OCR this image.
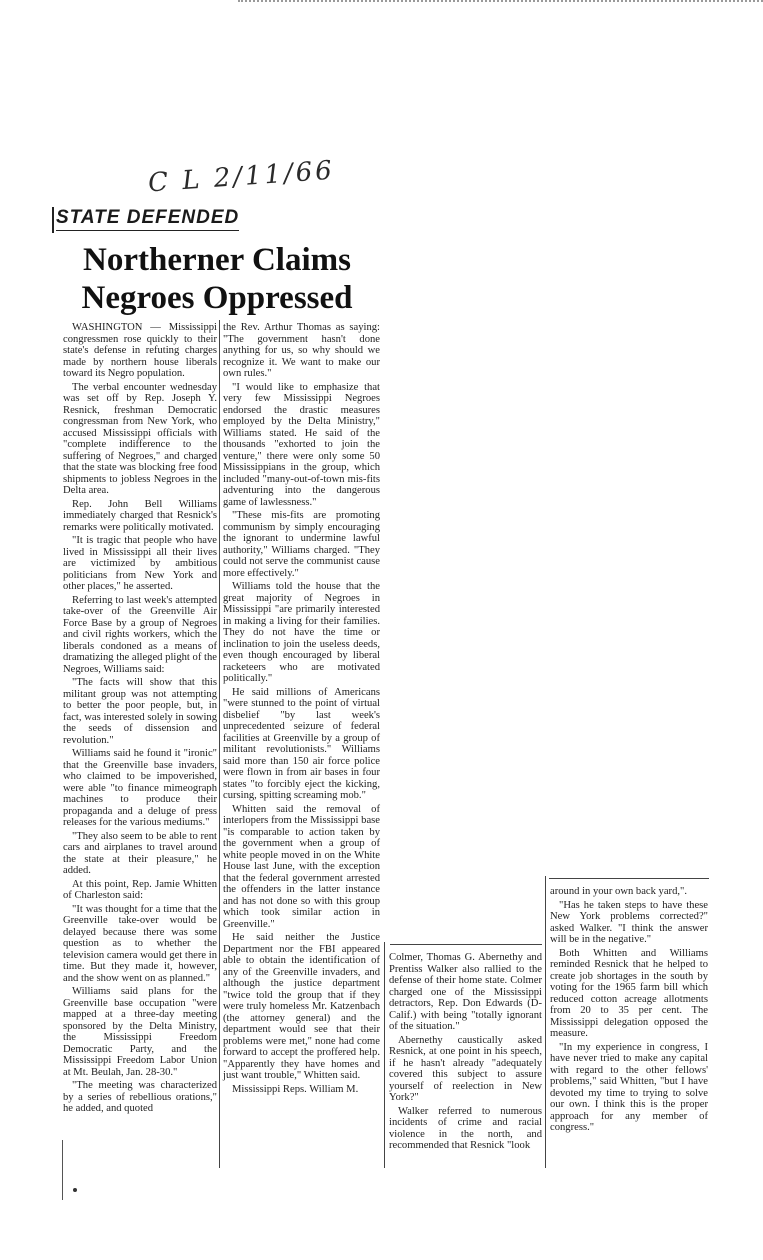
C L 2/11/66
STATE DEFENDED
Northerner Claims
Negroes Oppressed

WASHINGTON — Mississippi congressmen rose quickly to their state's defense in refuting charges made by northern house liberals toward its Negro population.

The verbal encounter wednesday was set off by Rep. Joseph Y. Resnick, freshman Democratic congressman from New York, who accused Mississippi officials with "complete indifference to the suffering of Negroes," and charged that the state was blocking free food shipments to jobless Negroes in the Delta area.

Rep. John Bell Williams immediately charged that Resnick's remarks were politically motivated.

"It is tragic that people who have lived in Mississippi all their lives are victimized by ambitious politicians from New York and other places," he asserted.

Referring to last week's attempted take-over of the Greenville Air Force Base by a group of Negroes and civil rights workers, which the liberals condoned as a means of dramatizing the alleged plight of the Negroes, Williams said:

"The facts will show that this militant group was not attempting to better the poor people, but, in fact, was interested solely in sowing the seeds of dissension and revolution."

Williams said he found it "ironic" that the Greenville base invaders, who claimed to be impoverished, were able "to finance mimeograph machines to produce their propaganda and a deluge of press releases for the various mediums."

"They also seem to be able to rent cars and airplanes to travel around the state at their pleasure," he added.

At this point, Rep. Jamie Whitten of Charleston said:

"It was thought for a time that the Greenville take-over would be delayed because there was some question as to whether the television camera would get there in time. But they made it, however, and the show went on as planned."

Williams said plans for the Greenville base occupation "were mapped at a three-day meeting sponsored by the Delta Ministry, the Mississippi Freedom Democratic Party, and the Mississippi Freedom Labor Union at Mt. Beulah, Jan. 28-30."

"The meeting was characterized by a series of rebellious orations," he added, and quoted

the Rev. Arthur Thomas as saying: "The government hasn't done anything for us, so why should we recognize it. We want to make our own rules."

"I would like to emphasize that very few Mississippi Negroes endorsed the drastic measures employed by the Delta Ministry," Williams stated. He said of the thousands "exhorted to join the venture," there were only some 50 Mississippians in the group, which included "many-out-of-town mis-fits adventuring into the dangerous game of lawlessness."

"These mis-fits are promoting communism by simply encouraging the ignorant to undermine lawful authority," Williams charged. "They could not serve the communist cause more effectively."

Williams told the house that the great majority of Negroes in Mississippi "are primarily interested in making a living for their families. They do not have the time or inclination to join the useless deeds, even though encouraged by liberal racketeers who are motivated politically."

He said millions of Americans "were stunned to the point of virtual disbelief "by last week's unprecedented seizure of federal facilities at Greenville by a group of militant revolutionists." Williams said more than 150 air force police were flown in from air bases in four states "to forcibly eject the kicking, cursing, spitting screaming mob."

Whitten said the removal of interlopers from the Mississippi base "is comparable to action taken by the government when a group of white people moved in on the White House last June, with the exception that the federal government arrested the offenders in the latter instance and has not done so with this group which took similar action in Greenville."

He said neither the Justice Department nor the FBI appeared able to obtain the identification of any of the Greenville invaders, and although the justice department "twice told the group that if they were truly homeless Mr. Katzenbach (the attorney general) and the department would see that their problems were met," none had come forward to accept the proffered help. "Apparently they have homes and just want trouble," Whitten said.

Mississippi Reps. William M.

Colmer, Thomas G. Abernethy and Prentiss Walker also rallied to the defense of their home state. Colmer charged one of the Mississippi detractors, Rep. Don Edwards (D-Calif.) with being "totally ignorant of the situation."

Abernethy caustically asked Resnick, at one point in his speech, if he hasn't already "adequately covered this subject to assure yourself of reelection in New York?"

Walker referred to numerous incidents of crime and racial violence in the north, and recommended that Resnick "look

around in your own back yard,".

"Has he taken steps to have these New York problems corrected?" asked Walker. "I think the answer will be in the negative."

Both Whitten and Williams reminded Resnick that he helped to create job shortages in the south by voting for the 1965 farm bill which reduced cotton acreage allotments from 20 to 35 per cent. The Mississippi delegation opposed the measure.

"In my experience in congress, I have never tried to make any capital with regard to the other fellows' problems," said Whitten, "but I have devoted my time to trying to solve our own. I think this is the proper approach for any member of congress."
